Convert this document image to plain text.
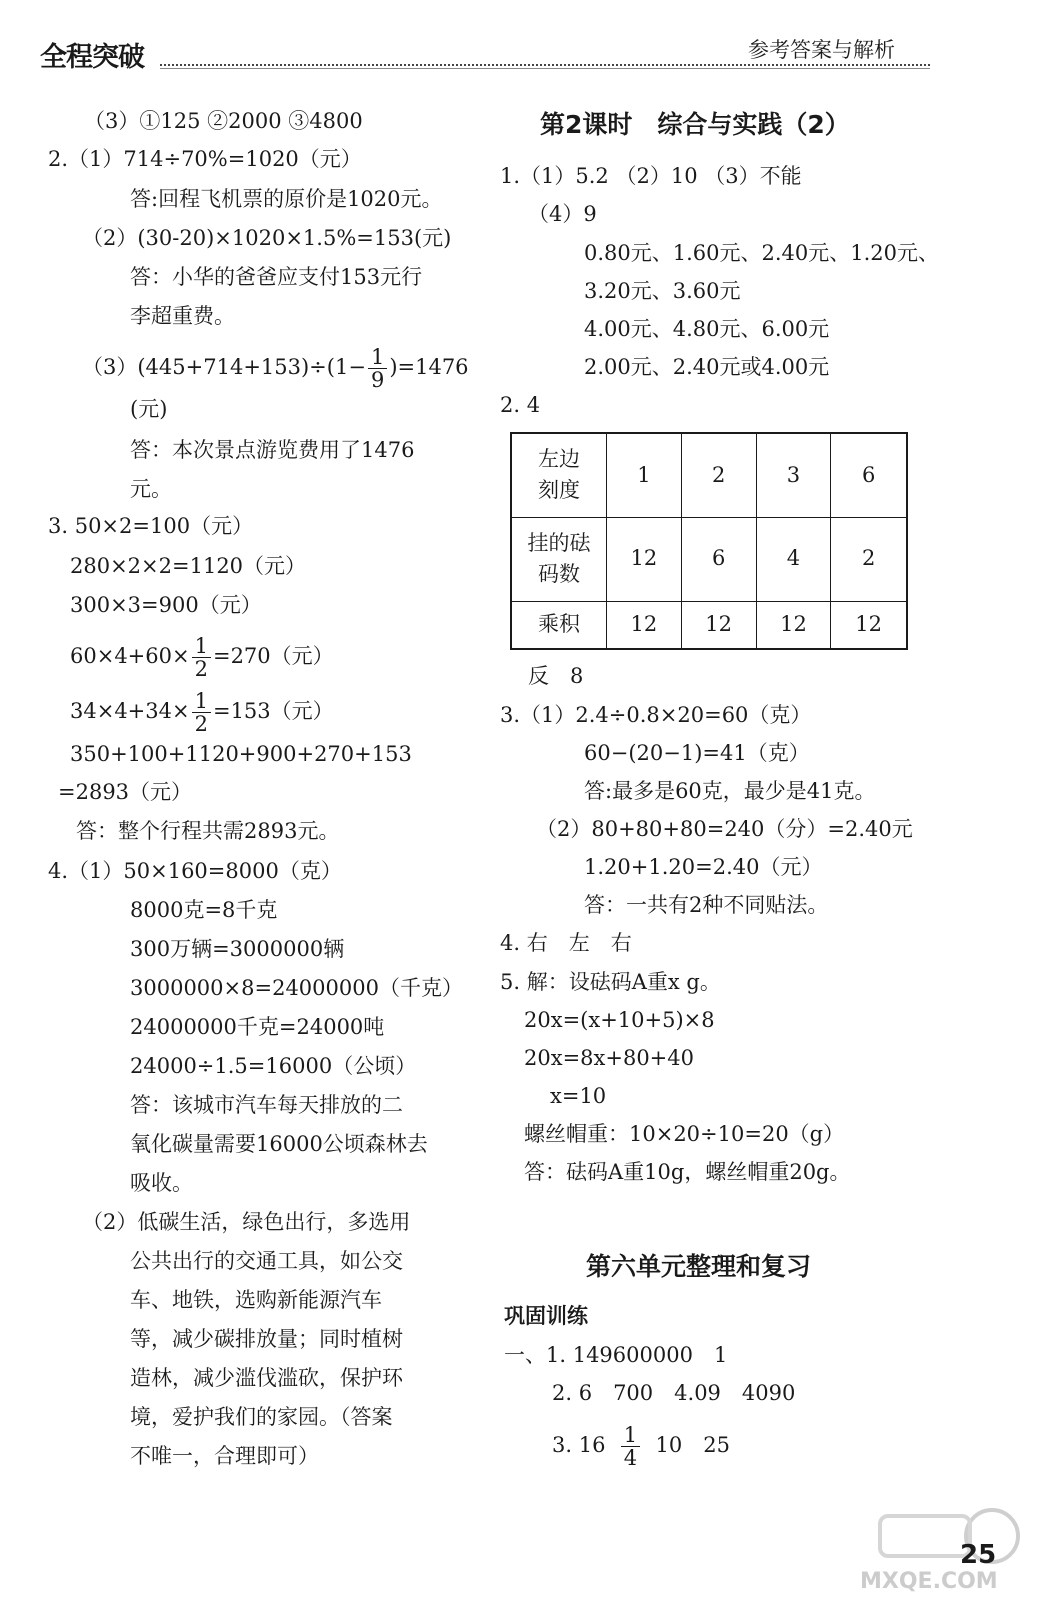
全程突破	参考答案与解析
（3）①125 ②2000 ③4800
2.（1）714÷70%=1020（元）
答:回程飞机票的原价是1020元。
（2）(30-20)×1020×1.5%=153(元)
答：小华的爸爸应支付153元行
李超重费。
$(3)(445+714+153)\div(1- \frac{1}{9} )=1476$
(元)
答：本次景点游览费用了1476
元。
3. 50×2=100（元）
280×2×2=1120（元）
300×3=900（元）
$60\times 4+60\times \frac{1}{2} =270$（元）
$34\times 4+34\times \frac{1}{2} =153$（元）
350+100+1120+900+270+153
=2893（元）
答：整个行程共需2893元。
4.（1）50×160=8000（克）
8000克=8千克
300万辆=3000000辆
3000000×8=24000000（千克）
24000000千克=24000吨
24000÷1.5=16000（公顷）
答：该城市汽车每天排放的二
氧化碳量需要16000公顷森林去
吸收。
（2）低碳生活，绿色出行，多选用
公共出行的交通工具，如公交
车、地铁，选购新能源汽车
等，减少碳排放量；同时植树
造林，减少滥伐滥砍，保护环
境，爱护我们的家园。（答案
不唯一，合理即可）
第2课时　综合与实践（2）
1.（1）5.2 （2）10 （3）不能
（4）9
0.80元、1.60元、2.40元、1.20元、
3.20元、3.60元
4.00元、4.80元、6.00元
2.00元、2.40元或4.00元
2. 4
左边
刻度	1	2	3	6
挂的砝
码数	12	6	4	2
乘积	12	12	12	12
反　8
3.（1）2.4÷0.8×20=60（克）
60−(20−1)=41（克）
答:最多是60克，最少是41克。
（2）80+80+80=240（分）=2.40元
1.20+1.20=2.40（元）
答：一共有2种不同贴法。
4. 右　左　右
5. 解：设砝码A重x g。
20x=(x+10+5)×8
20x=8x+80+40
x=10
螺丝帽重：10×20÷10=20（g）
答：砝码A重10g，螺丝帽重20g。
第六单元整理和复习
巩固训练
一、1. 149600000　1
2. 6　700　4.09　4090
3. $16 \frac{1}{4} 10$　25
MXQE.COM
25
